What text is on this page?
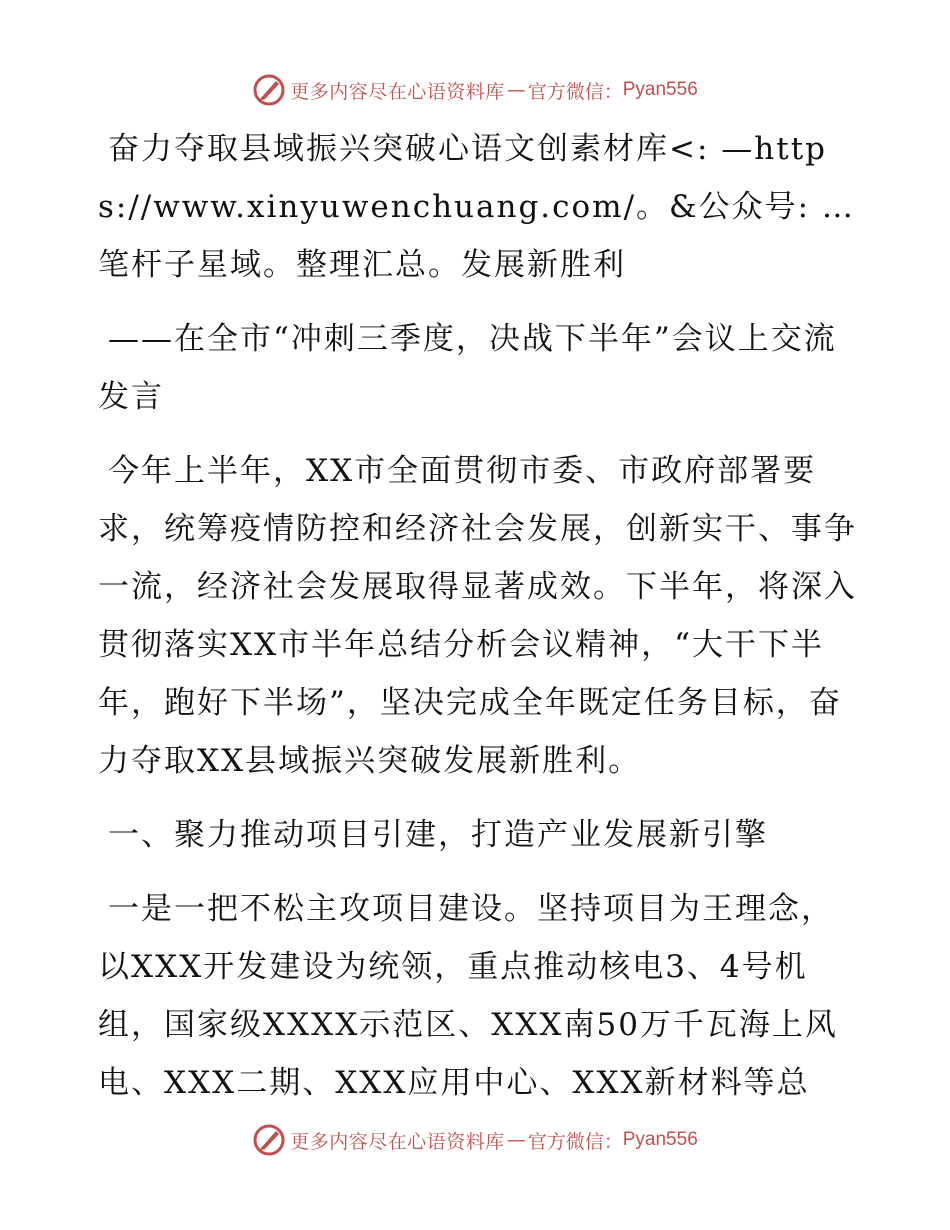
更多内容尽在心语资料库 — 官方微信： Pyan556

奋力夺取县域振兴突破心语文创素材库<: —https://www.xinyuwenchuang.com/。&公众号: …笔杆子星域。整理汇总。发展新胜利

——在全市“冲刺三季度，决战下半年”会议上交流发言

今年上半年，XX市全面贯彻市委、市政府部署要求，统筹疫情防控和经济社会发展，创新实干、事争一流，经济社会发展取得显著成效。下半年，将深入贯彻落实XX市半年总结分析会议精神，“大干下半年，跑好下半场”，坚决完成全年既定任务目标，奋力夺取XX县域振兴突破发展新胜利。

一、聚力推动项目引建，打造产业发展新引擎

一是一把不松主攻项目建设。坚持项目为王理念，以XXX开发建设为统领，重点推动核电3、4号机组，国家级XXXX示范区、XXX南50万千瓦海上风电、XXX二期、XXX应用中心、XXX新材料等总

更多内容尽在心语资料库 — 官方微信： Pyan556
